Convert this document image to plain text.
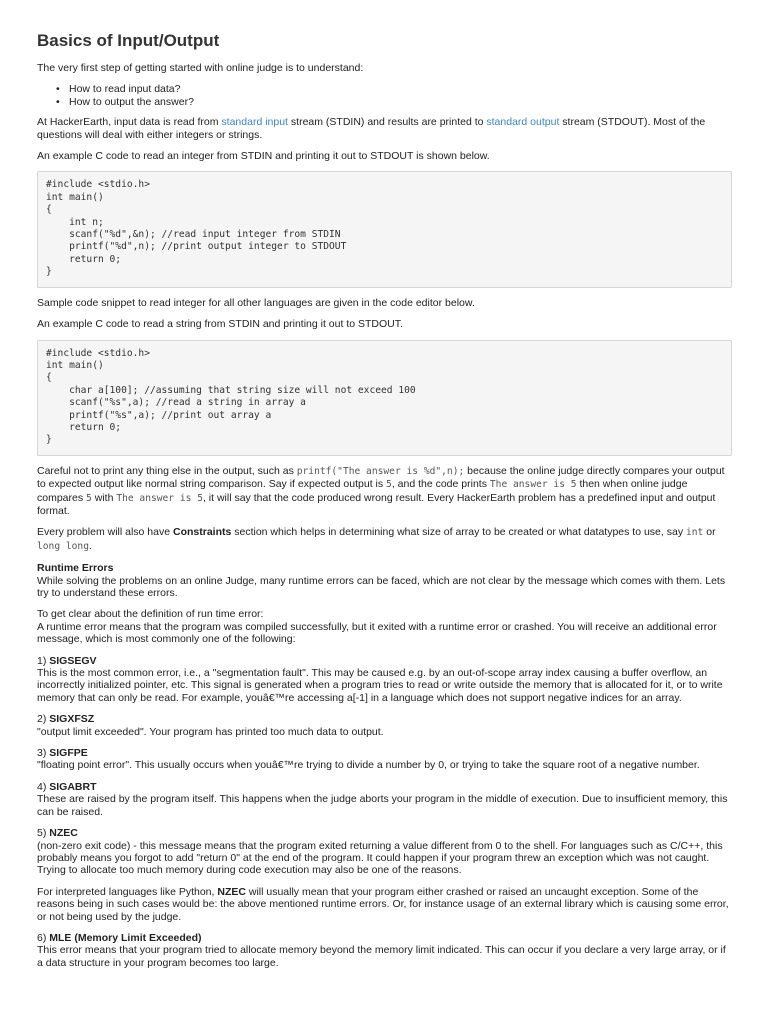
Basics of Input/Output

The very first step of getting started with online judge is to understand:

• How to read input data?
• How to output the answer?

At HackerEarth, input data is read from standard input stream (STDIN) and results are printed to standard output stream (STDOUT). Most of the questions will deal with either integers or strings.

An example C code to read an integer from STDIN and printing it out to STDOUT is shown below.

#include <stdio.h>
int main()
{
int n;
scanf("%d",&n); //read input integer from STDIN
printf("%d",n); //print output integer to STDOUT
return 0;
}

Sample code snippet to read integer for all other languages are given in the code editor below.

An example C code to read a string from STDIN and printing it out to STDOUT.

#include <stdio.h>
int main()
{
char a[100]; //assuming that string size will not exceed 100
scanf("%s",a); //read a string in array a
printf("%s",a); //print out array a
return 0;
}

Careful not to print any thing else in the output, such as printf("The answer is %d",n); because the online judge directly compares your output to expected output like normal string comparison. Say if expected output is 5, and the code prints The answer is 5 then when online judge compares 5 with The answer is 5, it will say that the code produced wrong result. Every HackerEarth problem has a predefined input and output format.

Every problem will also have Constraints section which helps in determining what size of array to be created or what datatypes to use, say int or long long.

Runtime Errors
While solving the problems on an online Judge, many runtime errors can be faced, which are not clear by the message which comes with them. Lets try to understand these errors.
To get clear about the definition of run time error:
A runtime error means that the program was compiled successfully, but it exited with a runtime error or crashed. You will receive an additional error message, which is most commonly one of the following:
1) SIGSEGV
This is the most common error, i.e., a "segmentation fault". This may be caused e.g. by an out-of-scope array index causing a buffer overflow, an incorrectly initialized pointer, etc. This signal is generated when a program tries to read or write outside the memory that is allocated for it, or to write memory that can only be read. For example, youâ€™re accessing a[-1] in a language which does not support negative indices for an array.
2) SIGXFSZ
"output limit exceeded". Your program has printed too much data to output.
3) SIGFPE
"floating point error". This usually occurs when youâ€™re trying to divide a number by 0, or trying to take the square root of a negative number.
4) SIGABRT
These are raised by the program itself. This happens when the judge aborts your program in the middle of execution. Due to insufficient memory, this can be raised.
5) NZEC
(non-zero exit code) - this message means that the program exited returning a value different from 0 to the shell. For languages such as C/C++, this probably means you forgot to add "return 0" at the end of the program. It could happen if your program threw an exception which was not caught. Trying to allocate too much memory during code execution may also be one of the reasons.

For interpreted languages like Python, NZEC will usually mean that your program either crashed or raised an uncaught exception. Some of the reasons being in such cases would be: the above mentioned runtime errors. Or, for instance usage of an external library which is causing some error, or not being used by the judge.

6) MLE (Memory Limit Exceeded)
This error means that your program tried to allocate memory beyond the memory limit indicated. This can occur if you declare a very large array, or if a data structure in your program becomes too large.
